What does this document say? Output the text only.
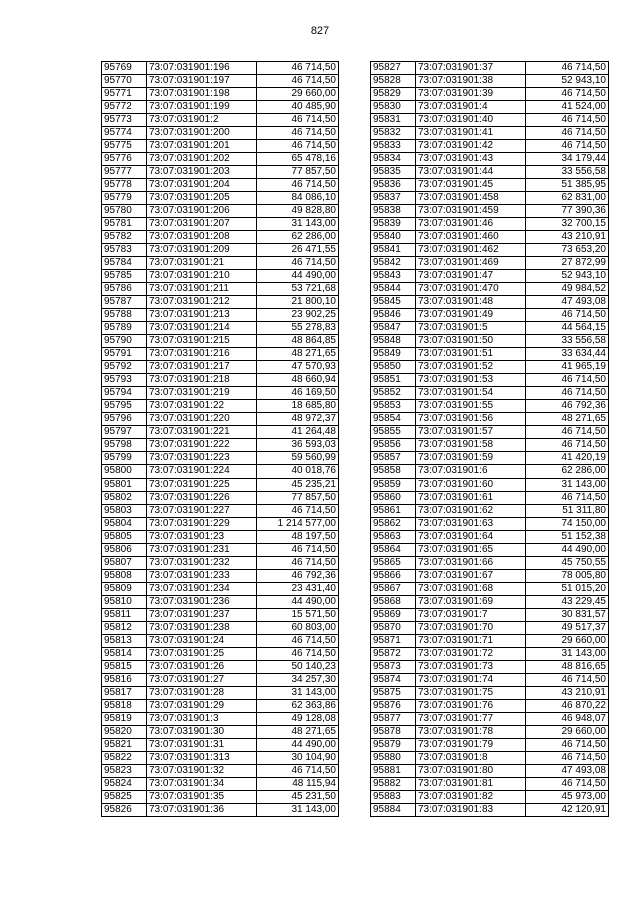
827
95769	73:07:031901:196	46 714,50
95770	73:07:031901:197	46 714,50
95771	73:07:031901:198	29 660,00
95772	73:07:031901:199	40 485,90
95773	73:07:031901:2	46 714,50
95774	73:07:031901:200	46 714,50
95775	73:07:031901:201	46 714,50
95776	73:07:031901:202	65 478,16
95777	73:07:031901:203	77 857,50
95778	73:07:031901:204	46 714,50
95779	73:07:031901:205	84 086,10
95780	73:07:031901:206	49 828,80
95781	73:07:031901:207	31 143,00
95782	73:07:031901:208	62 286,00
95783	73:07:031901:209	26 471,55
95784	73:07:031901:21	46 714,50
95785	73:07:031901:210	44 490,00
95786	73:07:031901:211	53 721,68
95787	73:07:031901:212	21 800,10
95788	73:07:031901:213	23 902,25
95789	73:07:031901:214	55 278,83
95790	73:07:031901:215	48 864,85
95791	73:07:031901:216	48 271,65
95792	73:07:031901:217	47 570,93
95793	73:07:031901:218	48 660,94
95794	73:07:031901:219	46 169,50
95795	73:07:031901:22	18 685,80
95796	73:07:031901:220	48 972,37
95797	73:07:031901:221	41 264,48
95798	73:07:031901:222	36 593,03
95799	73:07:031901:223	59 560,99
95800	73:07:031901:224	40 018,76
95801	73:07:031901:225	45 235,21
95802	73:07:031901:226	77 857,50
95803	73:07:031901:227	46 714,50
95804	73:07:031901:229	1 214 577,00
95805	73:07:031901:23	48 197,50
95806	73:07:031901:231	46 714,50
95807	73:07:031901:232	46 714,50
95808	73:07:031901:233	46 792,36
95809	73:07:031901:234	23 431,40
95810	73:07:031901:236	44 490,00
95811	73:07:031901:237	15 571,50
95812	73:07:031901:238	60 803,00
95813	73:07:031901:24	46 714,50
95814	73:07:031901:25	46 714,50
95815	73:07:031901:26	50 140,23
95816	73:07:031901:27	34 257,30
95817	73:07:031901:28	31 143,00
95818	73:07:031901:29	62 363,86
95819	73:07:031901:3	49 128,08
95820	73:07:031901:30	48 271,65
95821	73:07:031901:31	44 490,00
95822	73:07:031901:313	30 104,90
95823	73:07:031901:32	46 714,50
95824	73:07:031901:34	48 115,94
95825	73:07:031901:35	45 231,50
95826	73:07:031901:36	31 143,00
95827	73:07:031901:37	46 714,50
95828	73:07:031901:38	52 943,10
95829	73:07:031901:39	46 714,50
95830	73:07:031901:4	41 524,00
95831	73:07:031901:40	46 714,50
95832	73:07:031901:41	46 714,50
95833	73:07:031901:42	46 714,50
95834	73:07:031901:43	34 179,44
95835	73:07:031901:44	33 556,58
95836	73:07:031901:45	51 385,95
95837	73:07:031901:458	62 831,00
95838	73:07:031901:459	77 390,36
95839	73:07:031901:46	32 700,15
95840	73:07:031901:460	43 210,91
95841	73:07:031901:462	73 653,20
95842	73:07:031901:469	27 872,99
95843	73:07:031901:47	52 943,10
95844	73:07:031901:470	49 984,52
95845	73:07:031901:48	47 493,08
95846	73:07:031901:49	46 714,50
95847	73:07:031901:5	44 564,15
95848	73:07:031901:50	33 556,58
95849	73:07:031901:51	33 634,44
95850	73:07:031901:52	41 965,19
95851	73:07:031901:53	46 714,50
95852	73:07:031901:54	46 714,50
95853	73:07:031901:55	46 792,36
95854	73:07:031901:56	48 271,65
95855	73:07:031901:57	46 714,50
95856	73:07:031901:58	46 714,50
95857	73:07:031901:59	41 420,19
95858	73:07:031901:6	62 286,00
95859	73:07:031901:60	31 143,00
95860	73:07:031901:61	46 714,50
95861	73:07:031901:62	51 311,80
95862	73:07:031901:63	74 150,00
95863	73:07:031901:64	51 152,38
95864	73:07:031901:65	44 490,00
95865	73:07:031901:66	45 750,55
95866	73:07:031901:67	78 005,80
95867	73:07:031901:68	51 015,20
95868	73:07:031901:69	43 229,45
95869	73:07:031901:7	30 831,57
95870	73:07:031901:70	49 517,37
95871	73:07:031901:71	29 660,00
95872	73:07:031901:72	31 143,00
95873	73:07:031901:73	48 816,65
95874	73:07:031901:74	46 714,50
95875	73:07:031901:75	43 210,91
95876	73:07:031901:76	46 870,22
95877	73:07:031901:77	46 948,07
95878	73:07:031901:78	29 660,00
95879	73:07:031901:79	46 714,50
95880	73:07:031901:8	46 714,50
95881	73:07:031901:80	47 493,08
95882	73:07:031901:81	46 714,50
95883	73:07:031901:82	45 973,00
95884	73:07:031901:83	42 120,91
